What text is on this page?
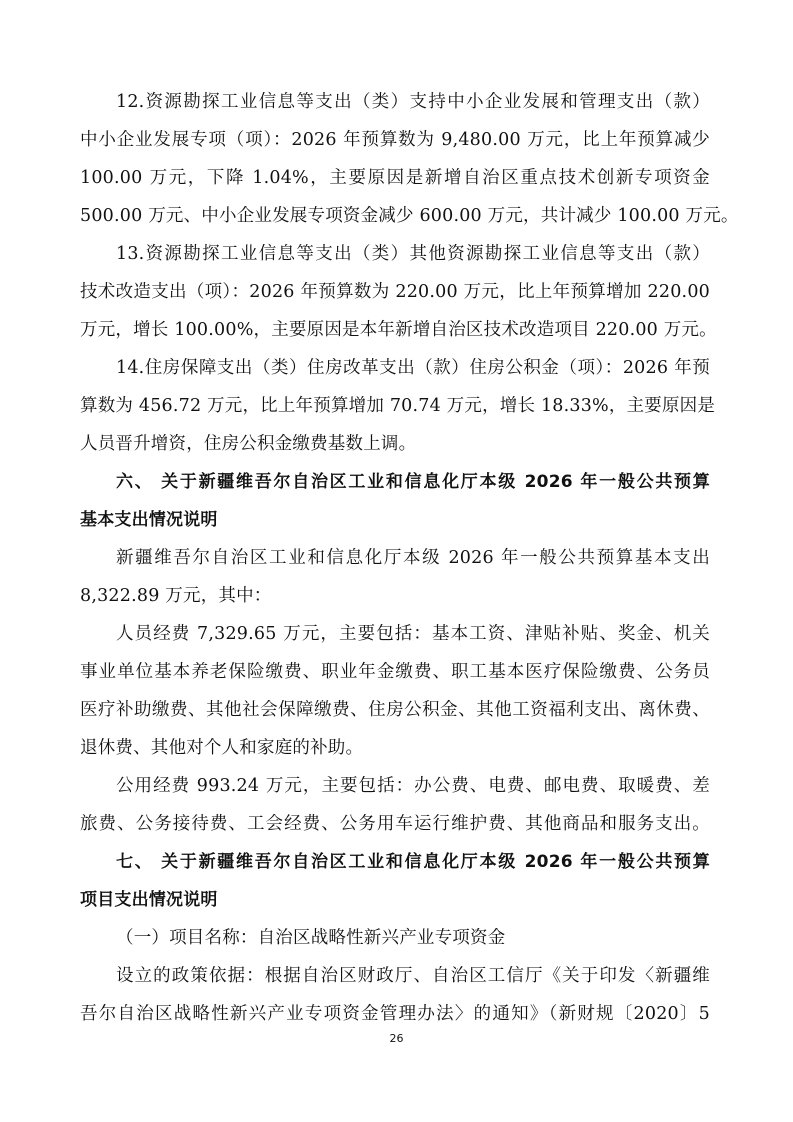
12.资源勘探工业信息等支出（类）支持中小企业发展和管理支出（款）
中小企业发展专项（项）：2026 年预算数为 9,480.00 万元，比上年预算减少
100.00 万元，下降 1.04%，主要原因是新增自治区重点技术创新专项资金
500.00 万元、中小企业发展专项资金减少 600.00 万元，共计减少 100.00 万元。
13.资源勘探工业信息等支出（类）其他资源勘探工业信息等支出（款）
技术改造支出（项）：2026 年预算数为 220.00 万元，比上年预算增加 220.00
万元，增长 100.00%，主要原因是本年新增自治区技术改造项目 220.00 万元。
14.住房保障支出（类）住房改革支出（款）住房公积金（项）：2026 年预
算数为 456.72 万元，比上年预算增加 70.74 万元，增长 18.33%，主要原因是
人员晋升增资，住房公积金缴费基数上调。
六、 关于新疆维吾尔自治区工业和信息化厅本级 2026 年一般公共预算
基本支出情况说明
新疆维吾尔自治区工业和信息化厅本级 2026 年一般公共预算基本支出
8,322.89 万元，其中：
人员经费 7,329.65 万元，主要包括：基本工资、津贴补贴、奖金、机关
事业单位基本养老保险缴费、职业年金缴费、职工基本医疗保险缴费、公务员
医疗补助缴费、其他社会保障缴费、住房公积金、其他工资福利支出、离休费、
退休费、其他对个人和家庭的补助。
公用经费 993.24 万元，主要包括：办公费、电费、邮电费、取暖费、差
旅费、公务接待费、工会经费、公务用车运行维护费、其他商品和服务支出。
七、 关于新疆维吾尔自治区工业和信息化厅本级 2026 年一般公共预算
项目支出情况说明
（一）项目名称：自治区战略性新兴产业专项资金
设立的政策依据：根据自治区财政厅、自治区工信厅《关于印发〈新疆维
吾尔自治区战略性新兴产业专项资金管理办法〉的通知》（新财规〔2020〕5
26
